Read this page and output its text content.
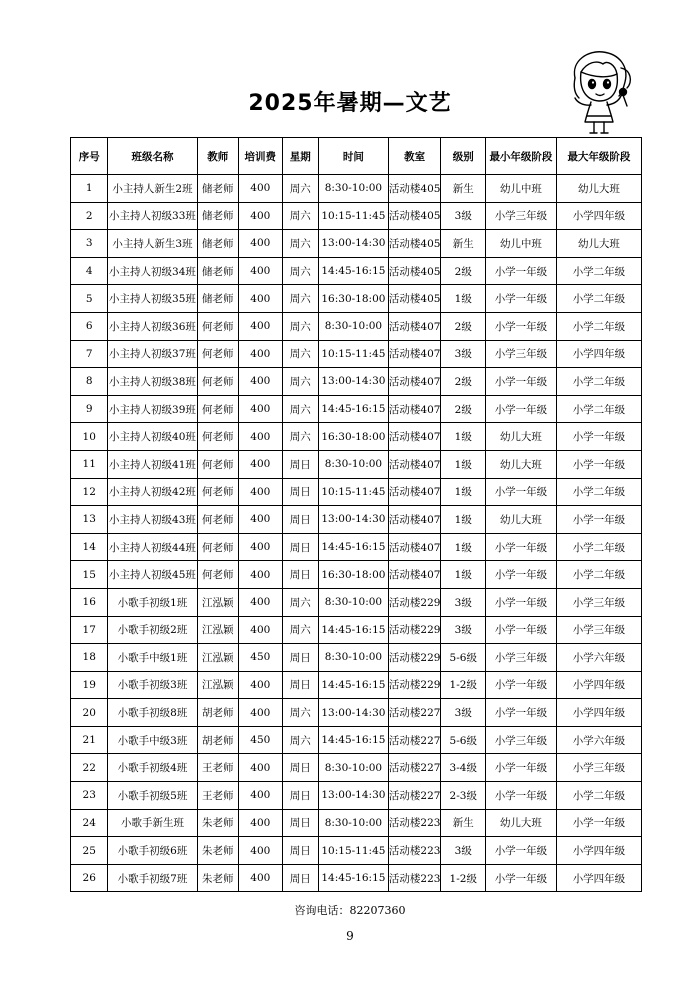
2025年暑期—文艺
序号	班级名称	教师	培训费	星期	时间	教室	级别	最小年级阶段	最大年级阶段
1	小主持人新生2班	储老师	400	周六	8:30-10:00	活动楼405	新生	幼儿中班	幼儿大班
2	小主持人初级33班	储老师	400	周六	10:15-11:45	活动楼405	3级	小学三年级	小学四年级
3	小主持人新生3班	储老师	400	周六	13:00-14:30	活动楼405	新生	幼儿中班	幼儿大班
4	小主持人初级34班	储老师	400	周六	14:45-16:15	活动楼405	2级	小学一年级	小学二年级
5	小主持人初级35班	储老师	400	周六	16:30-18:00	活动楼405	1级	小学一年级	小学二年级
6	小主持人初级36班	何老师	400	周六	8:30-10:00	活动楼407	2级	小学一年级	小学二年级
7	小主持人初级37班	何老师	400	周六	10:15-11:45	活动楼407	3级	小学三年级	小学四年级
8	小主持人初级38班	何老师	400	周六	13:00-14:30	活动楼407	2级	小学一年级	小学二年级
9	小主持人初级39班	何老师	400	周六	14:45-16:15	活动楼407	2级	小学一年级	小学二年级
10	小主持人初级40班	何老师	400	周六	16:30-18:00	活动楼407	1级	幼儿大班	小学一年级
11	小主持人初级41班	何老师	400	周日	8:30-10:00	活动楼407	1级	幼儿大班	小学一年级
12	小主持人初级42班	何老师	400	周日	10:15-11:45	活动楼407	1级	小学一年级	小学二年级
13	小主持人初级43班	何老师	400	周日	13:00-14:30	活动楼407	1级	幼儿大班	小学一年级
14	小主持人初级44班	何老师	400	周日	14:45-16:15	活动楼407	1级	小学一年级	小学二年级
15	小主持人初级45班	何老师	400	周日	16:30-18:00	活动楼407	1级	小学一年级	小学二年级
16	小歌手初级1班	江泓颖	400	周六	8:30-10:00	活动楼229	3级	小学一年级	小学三年级
17	小歌手初级2班	江泓颖	400	周六	14:45-16:15	活动楼229	3级	小学一年级	小学三年级
18	小歌手中级1班	江泓颖	450	周日	8:30-10:00	活动楼229	5-6级	小学三年级	小学六年级
19	小歌手初级3班	江泓颖	400	周日	14:45-16:15	活动楼229	1-2级	小学一年级	小学四年级
20	小歌手初级8班	胡老师	400	周六	13:00-14:30	活动楼227	3级	小学一年级	小学四年级
21	小歌手中级3班	胡老师	450	周六	14:45-16:15	活动楼227	5-6级	小学三年级	小学六年级
22	小歌手初级4班	王老师	400	周日	8:30-10:00	活动楼227	3-4级	小学一年级	小学三年级
23	小歌手初级5班	王老师	400	周日	13:00-14:30	活动楼227	2-3级	小学一年级	小学二年级
24	小歌手新生班	朱老师	400	周日	8:30-10:00	活动楼223	新生	幼儿大班	小学一年级
25	小歌手初级6班	朱老师	400	周日	10:15-11:45	活动楼223	3级	小学一年级	小学四年级
26	小歌手初级7班	朱老师	400	周日	14:45-16:15	活动楼223	1-2级	小学一年级	小学四年级
咨询电话：82207360
9
